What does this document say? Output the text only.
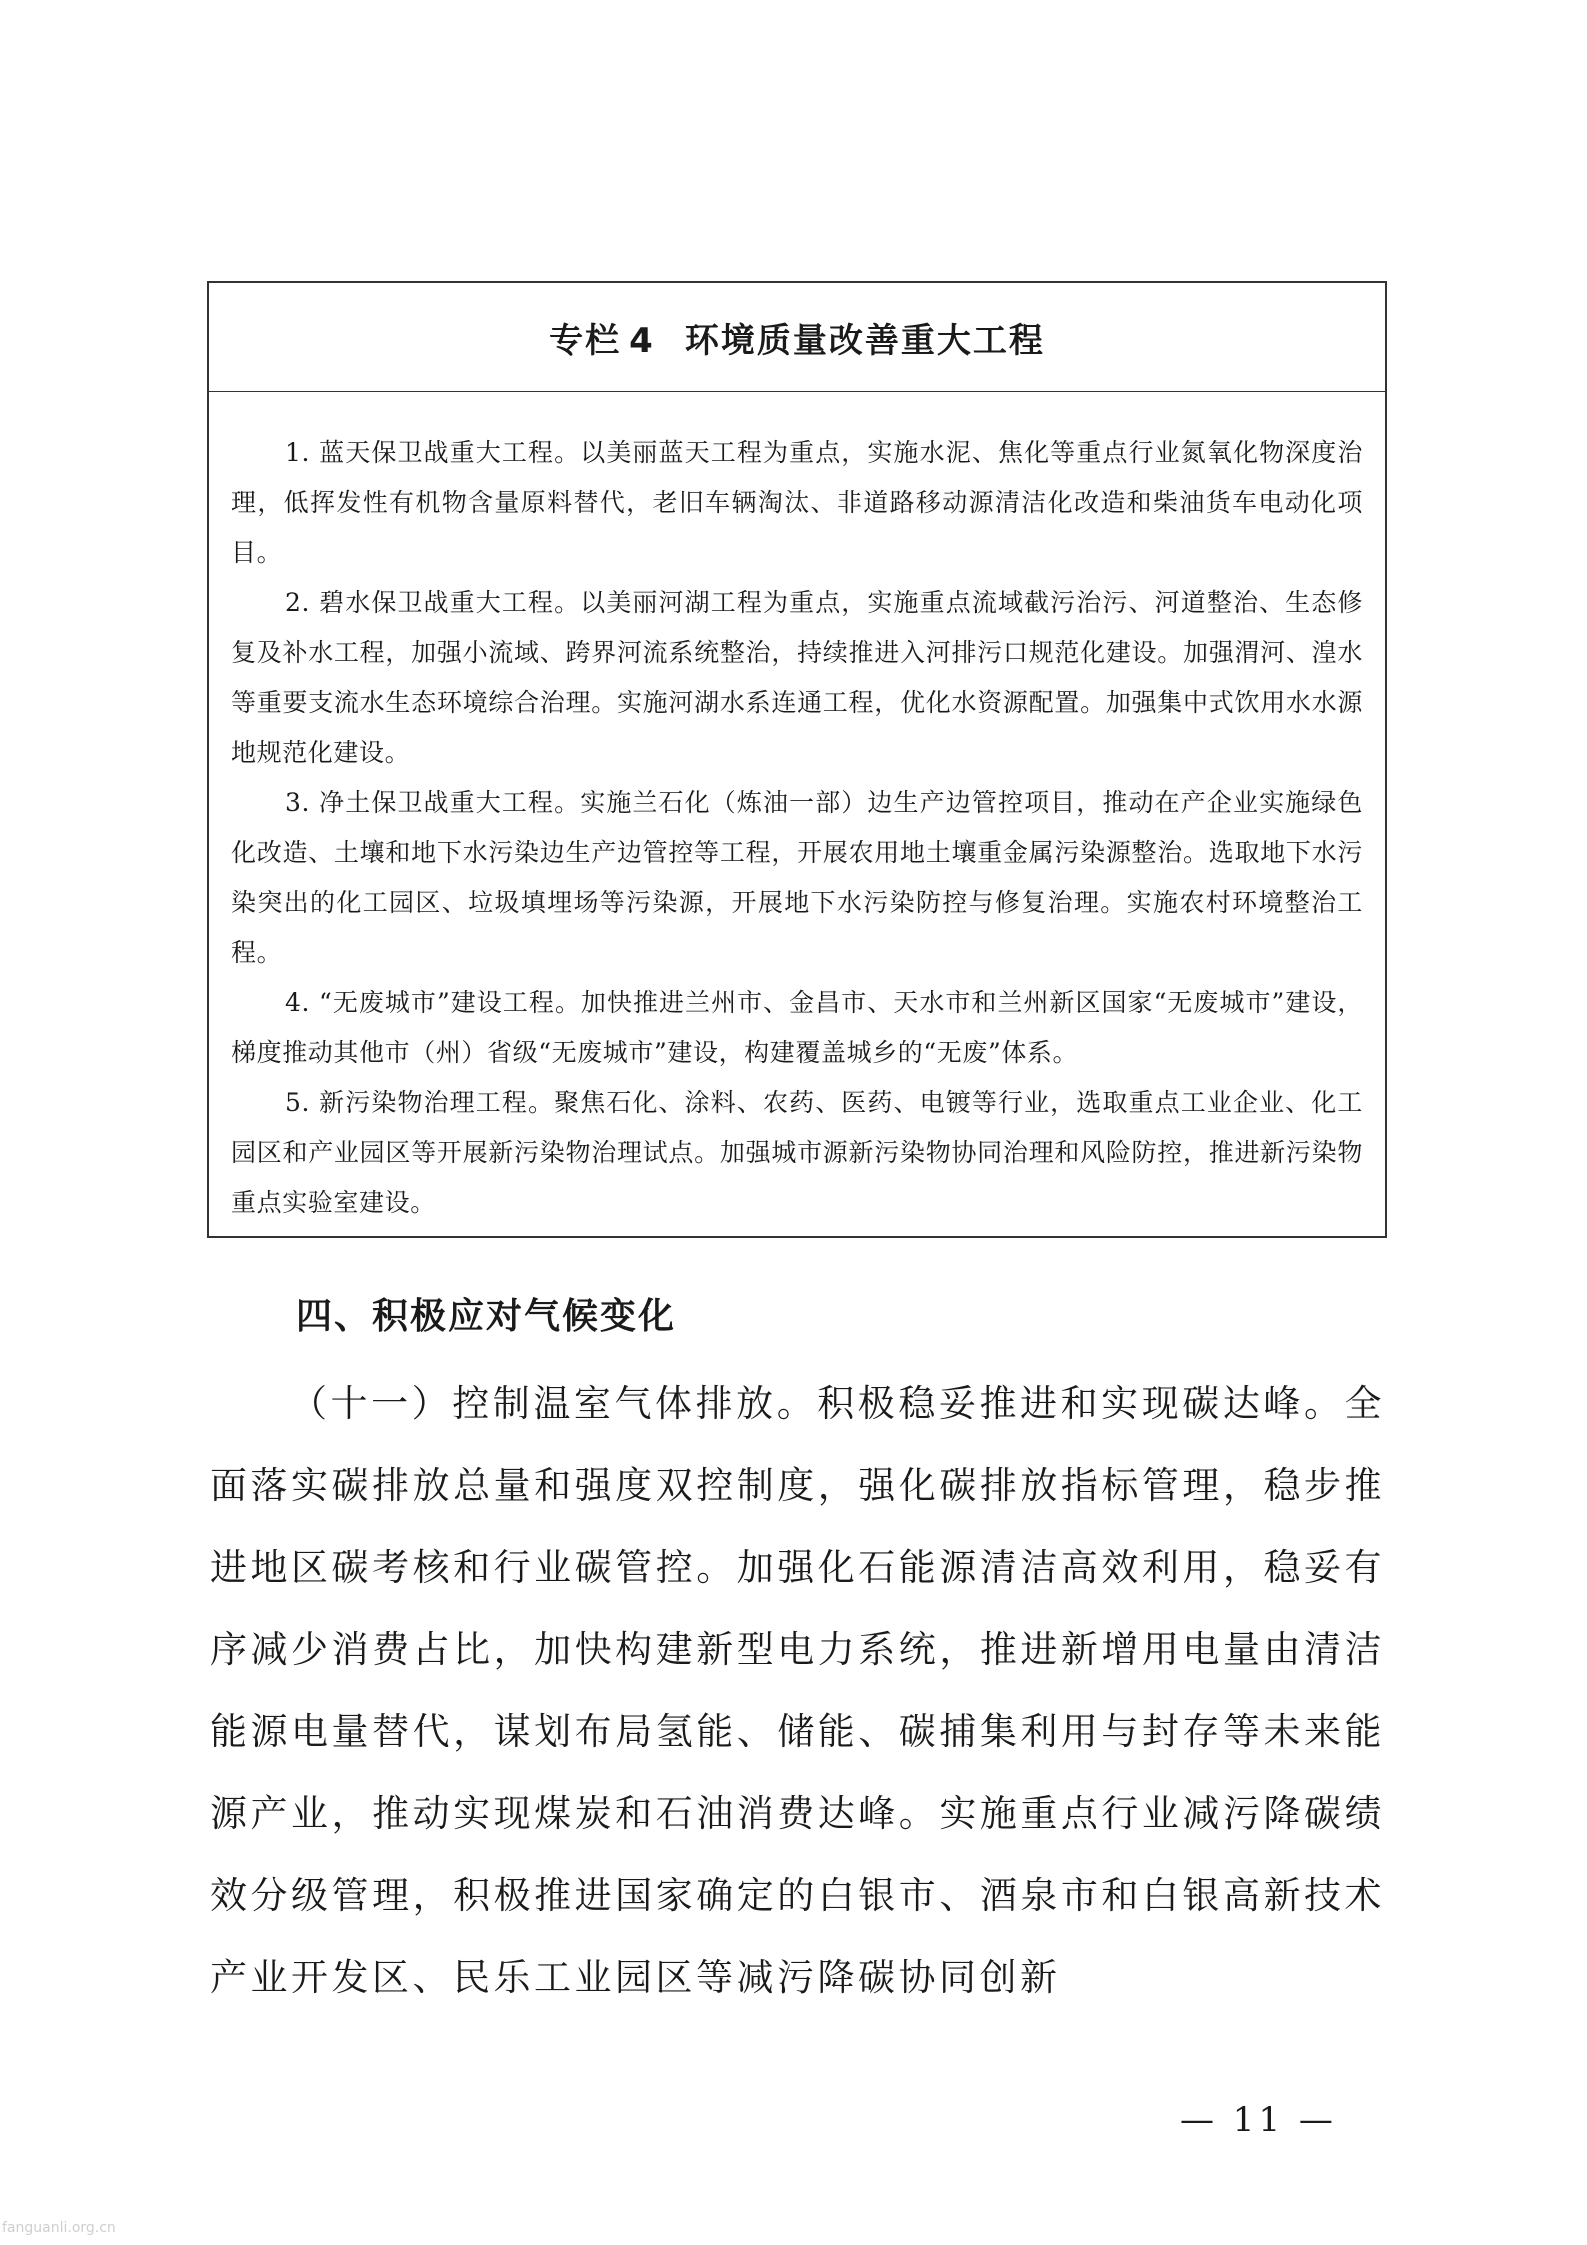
专栏 4 环境质量改善重大工程

1. 蓝天保卫战重大工程。以美丽蓝天工程为重点，实施水泥、焦化等重点行业氮氧化物深度治理，低挥发性有机物含量原料替代，老旧车辆淘汰、非道路移动源清洁化改造和柴油货车电动化项目。

2. 碧水保卫战重大工程。以美丽河湖工程为重点，实施重点流域截污治污、河道整治、生态修复及补水工程，加强小流域、跨界河流系统整治，持续推进入河排污口规范化建设。加强渭河、湟水等重要支流水生态环境综合治理。实施河湖水系连通工程，优化水资源配置。加强集中式饮用水水源地规范化建设。

3. 净土保卫战重大工程。实施兰石化（炼油一部）边生产边管控项目，推动在产企业实施绿色化改造、土壤和地下水污染边生产边管控等工程，开展农用地土壤重金属污染源整治。选取地下水污染突出的化工园区、垃圾填埋场等污染源，开展地下水污染防控与修复治理。实施农村环境整治工程。

4. “无废城市”建设工程。加快推进兰州市、金昌市、天水市和兰州新区国家“无废城市”建设，梯度推动其他市（州）省级“无废城市”建设，构建覆盖城乡的“无废”体系。

5. 新污染物治理工程。聚焦石化、涂料、农药、医药、电镀等行业，选取重点工业企业、化工园区和产业园区等开展新污染物治理试点。加强城市源新污染物协同治理和风险防控，推进新污染物重点实验室建设。

四、积极应对气候变化

（十一）控制温室气体排放。积极稳妥推进和实现碳达峰。全面落实碳排放总量和强度双控制度，强化碳排放指标管理，稳步推进地区碳考核和行业碳管控。加强化石能源清洁高效利用，稳妥有序减少消费占比，加快构建新型电力系统，推进新增用电量由清洁能源电量替代，谋划布局氢能、储能、碳捕集利用与封存等未来能源产业，推动实现煤炭和石油消费达峰。实施重点行业减污降碳绩效分级管理，积极推进国家确定的白银市、酒泉市和白银高新技术产业开发区、民乐工业园区等减污降碳协同创新

— 11 —
fanguanli.org.cn
